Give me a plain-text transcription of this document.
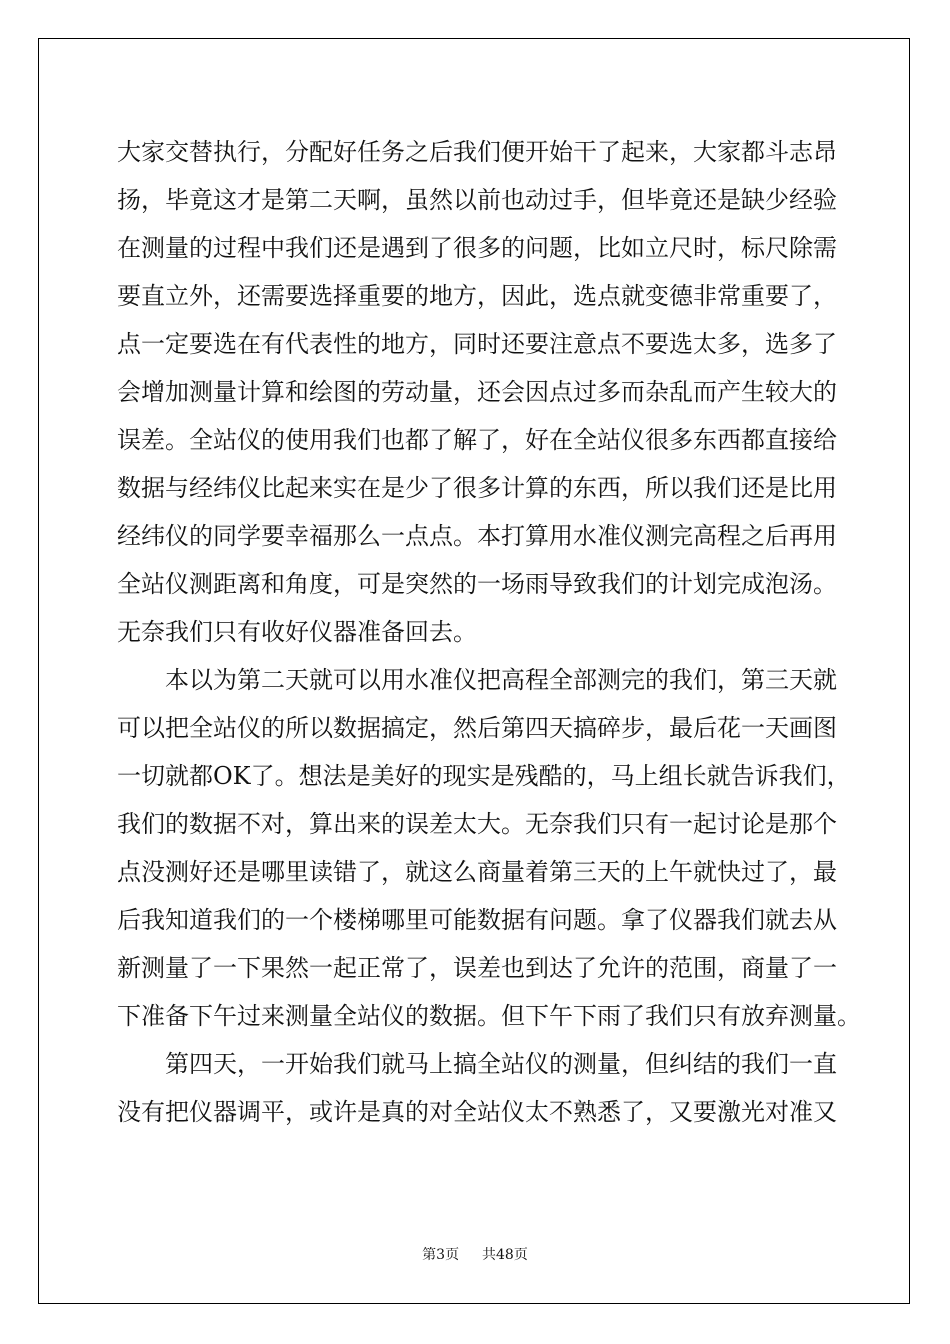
大家交替执行，分配好任务之后我们便开始干了起来，大家都斗志昂
扬，毕竟这才是第二天啊，虽然以前也动过手，但毕竟还是缺少经验
在测量的过程中我们还是遇到了很多的问题，比如立尺时，标尺除需
要直立外，还需要选择重要的地方，因此，选点就变德非常重要了，
点一定要选在有代表性的地方，同时还要注意点不要选太多，选多了
会增加测量计算和绘图的劳动量，还会因点过多而杂乱而产生较大的
误差。全站仪的使用我们也都了解了，好在全站仪很多东西都直接给
数据与经纬仪比起来实在是少了很多计算的东西，所以我们还是比用
经纬仪的同学要幸福那么一点点。本打算用水准仪测完高程之后再用
全站仪测距离和角度，可是突然的一场雨导致我们的计划完成泡汤。
无奈我们只有收好仪器准备回去。
　　本以为第二天就可以用水准仪把高程全部测完的我们，第三天就
可以把全站仪的所以数据搞定，然后第四天搞碎步，最后花一天画图
一切就都OK了。想法是美好的现实是残酷的，马上组长就告诉我们，
我们的数据不对，算出来的误差太大。无奈我们只有一起讨论是那个
点没测好还是哪里读错了，就这么商量着第三天的上午就快过了，最
后我知道我们的一个楼梯哪里可能数据有问题。拿了仪器我们就去从
新测量了一下果然一起正常了，误差也到达了允许的范围，商量了一
下准备下午过来测量全站仪的数据。但下午下雨了我们只有放弃测量。
　　第四天，一开始我们就马上搞全站仪的测量，但纠结的我们一直
没有把仪器调平，或许是真的对全站仪太不熟悉了，又要激光对准又
第3页 共48页
